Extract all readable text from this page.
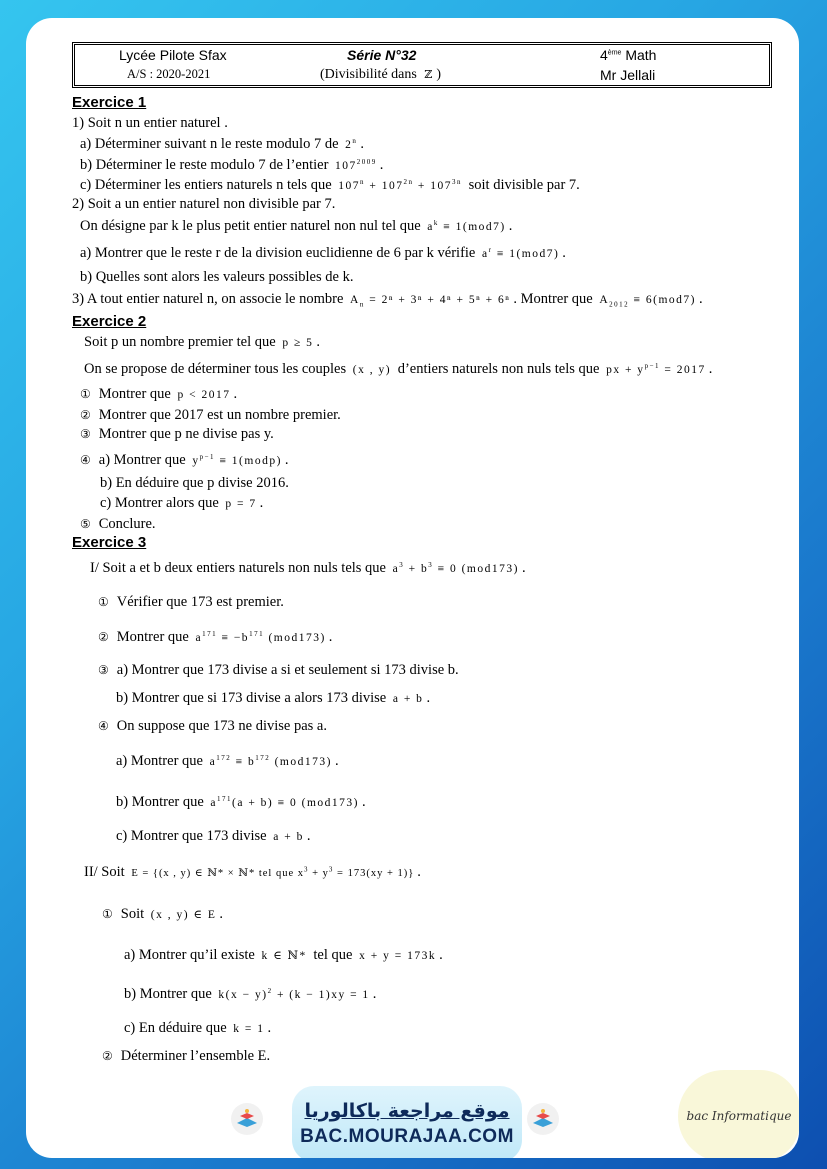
Lycée Pilote Sfax
A/S : 2020-2021
Série N°32
(Divisibilité dans ℤ )
4ème Math
Mr Jellali
Exercice 1
1) Soit n un entier naturel .
a) Déterminer suivant n le reste modulo 7 de 2$^n$ .
b) Déterminer le reste modulo 7 de l’entier $107^{2009}$ .
c) Déterminer les entiers naturels n tels que $107^n + 107^{2n} + 107^{3n}$ soit divisible par 7.
2) Soit a un entier naturel non divisible par 7.
On désigne par k le plus petit entier naturel non nul tel que $a^k \equiv 1(mod7)$ .
a) Montrer que le reste r de la division euclidienne de 6 par k vérifie $a^r \equiv 1(mod7)$ .
b) Quelles sont alors les valeurs possibles de k.
3) A tout entier naturel n, on associe le nombre $A_n = 2^n + 3^n + 4^n + 5^n + 6^n$ . Montrer que $A_{2012} \equiv 6(mod7)$ .
Exercice 2
Soit p un nombre premier tel que p ≥ 5 .
On se propose de déterminer tous les couples (x , y) d’entiers naturels non nuls tels que px + $y^{p-1} = 2017$ .
① Montrer que p < 2017 .
② Montrer que 2017 est un nombre premier.
③ Montrer que p ne divise pas y.
④ a) Montrer que $y^{p-1}$ ≡ 1(modp) .
b) En déduire que p divise 2016.
c) Montrer alors que p = 7 .
⑤ Conclure.
Exercice 3
I/ Soit a et b deux entiers naturels non nuls tels que $a^3 + b^3 \equiv 0$ (mod173) .
① Vérifier que 173 est premier.
② Montrer que $a^{171} \equiv -b^{171}$ (mod173) .
③ a) Montrer que 173 divise a si et seulement si 173 divise b.
b) Montrer que si 173 divise a alors 173 divise a + b .
④ On suppose que 173 ne divise pas a.
a) Montrer que $a^{172} \equiv b^{172}$ (mod173) .
b) Montrer que $a^{171}(a + b) \equiv 0$ (mod173) .
c) Montrer que 173 divise a + b .
II/ Soit E = {(x , y) ∈ ℕ* × ℕ* tel que $x^3 + y^3 = 173(xy + 1)$} .
① Soit (x , y) ∈ E .
a) Montrer qu’il existe k ∈ ℕ* tel que x + y = 173k .
b) Montrer que $k(x - y)^2 + (k - 1)xy = 1$ .
c) En déduire que k = 1 .
② Déterminer l’ensemble E.
موقع مراجعة باكالوريا
BAC.MOURAJAA.COM
bac Informatique
